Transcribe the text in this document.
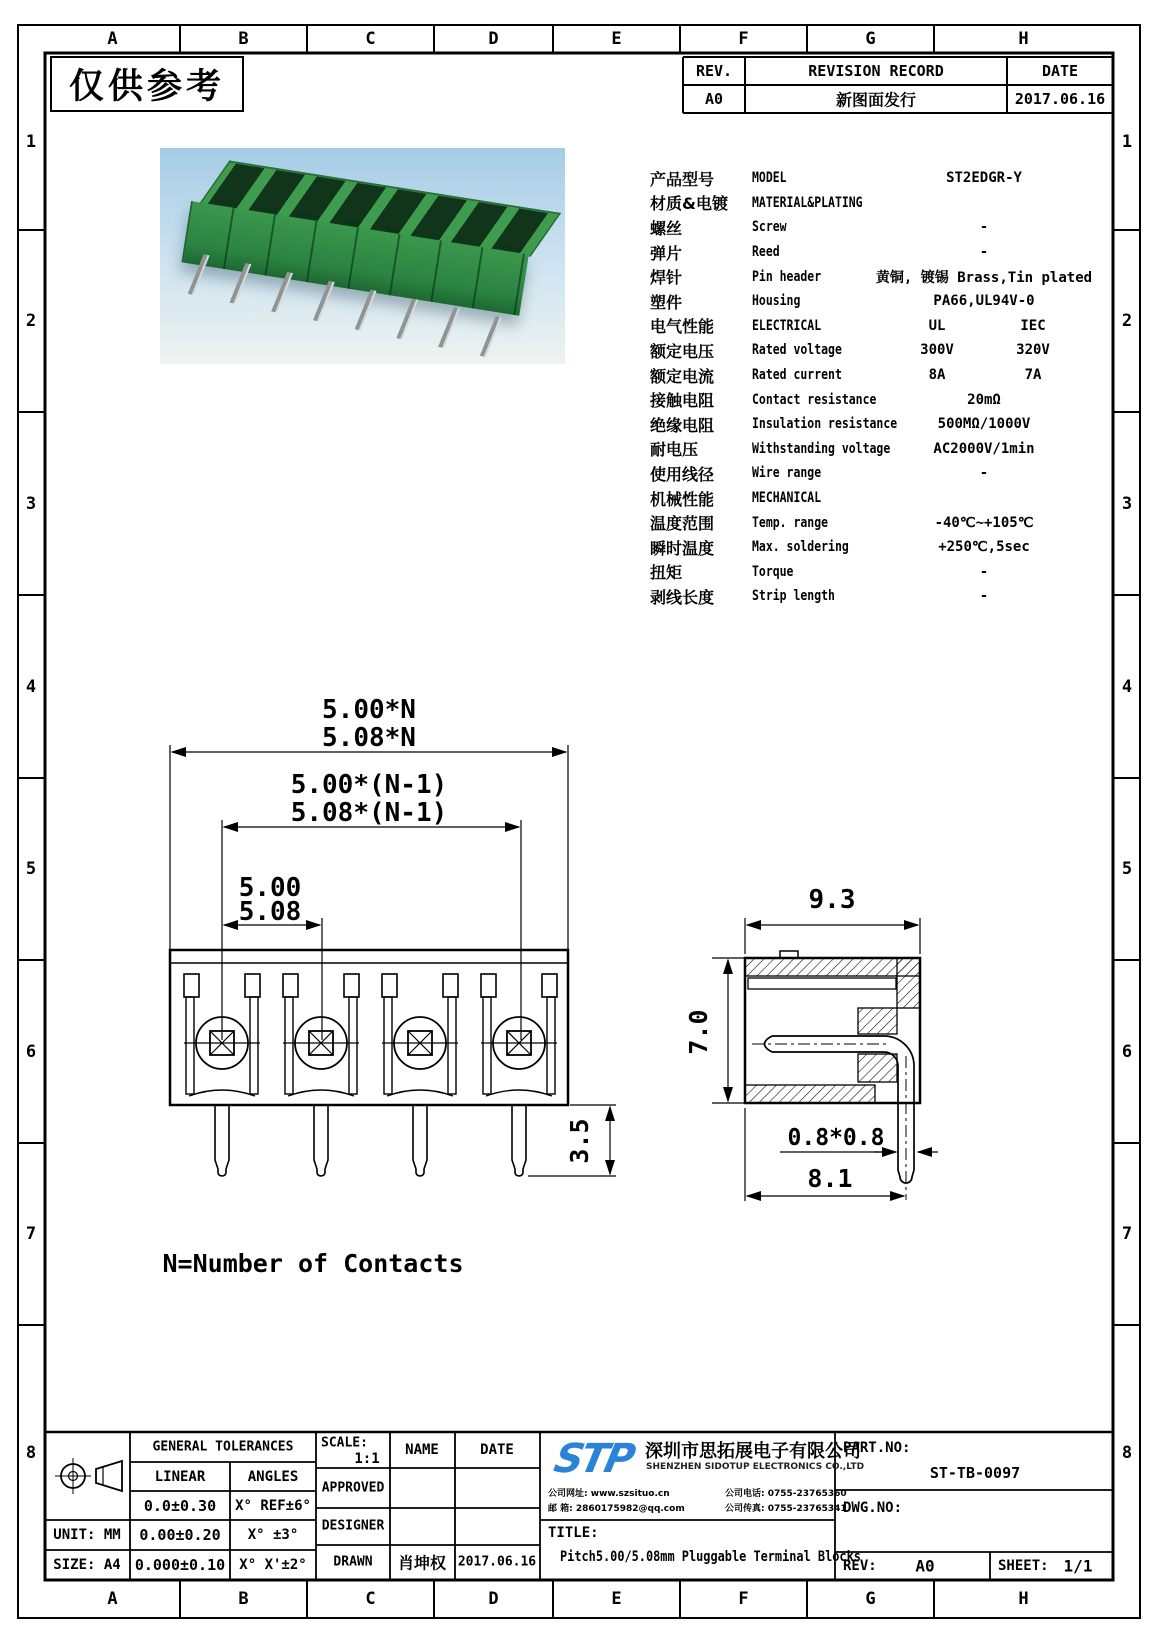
5.00*N
5.08*N
5.00*(N-1)
5.08*(N-1)
5.00
5.08
3.5
N=Number of Contacts
9.3
7.0
0.8*0.8
8.1
仅供参考	REV.	REVISION RECORD	DATE
A0	新图面发行	2017.06.16
产品型号	MODEL	ST2EDGR-Y
材质&电镀	MATERIAL&PLATING
螺丝	Screw	-
弹片	Reed	-
焊针	Pin header	黄铜, 镀锡 Brass,Tin plated
塑件	Housing	PA66,UL94V-0
电气性能	ELECTRICAL	UL	IEC
额定电压	Rated voltage	300V	320V
额定电流	Rated current	8A	7A
接触电阻	Contact resistance	20mΩ
绝缘电阻	Insulation resistance	500MΩ/1000V
耐电压	Withstanding voltage	AC2000V/1min
使用线径	Wire range	-
机械性能	MECHANICAL
温度范围	Temp. range	-40℃~+105℃
瞬时温度	Max. soldering	+250℃,5sec
扭矩	Torque	-
剥线长度	Strip length	-
GENERAL TOLERANCES
LINEAR	ANGLES
0.0±0.30 X° REF±6°
UNIT: MM 0.00±0.20 X° ±3°
SIZE: A4 0.000±0.10 X° X'±2°
SCALE:
1:1
NAME	DATE
APPROVED
DESIGNER
DRAWN 肖坤权 2017.06.16
STP 深圳市思拓展电子有限公司
SHENZHEN SIDOTUP ELECTRONICS CO.,LTD
公司网址: www.szsituo.cn
邮 箱: 2860175982@qq.com
公司电话: 0755-23765360
公司传真: 0755-23765341
TITLE:
Pitch5.00/5.08mm Pluggable Terminal Blocks
PART.NO:
ST-TB-0097
DWG.NO:
REV: A0	SHEET: 1/1
A
A
B
B
C
C
D
D
E
E
F
F
G
G
H
H
1	1
2	2
3	3
4	4
5	5
6	6
7	7
8	8
